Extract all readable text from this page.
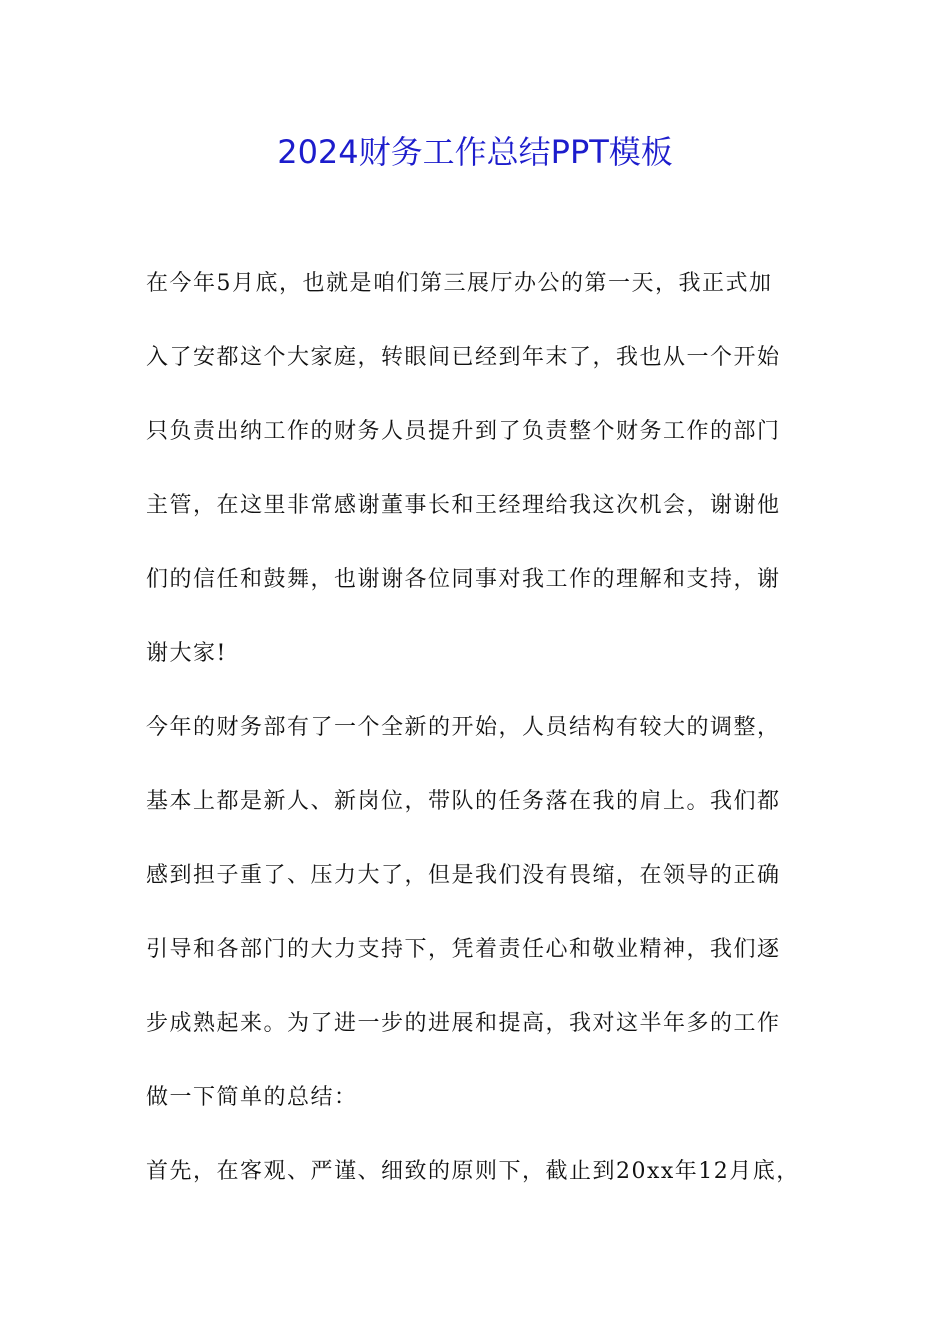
2024财务工作总结PPT模板
在今年5月底，也就是咱们第三展厅办公的第一天，我正式加
入了安都这个大家庭，转眼间已经到年末了，我也从一个开始
只负责出纳工作的财务人员提升到了负责整个财务工作的部门
主管，在这里非常感谢董事长和王经理给我这次机会，谢谢他
们的信任和鼓舞，也谢谢各位同事对我工作的理解和支持，谢
谢大家!
今年的财务部有了一个全新的开始，人员结构有较大的调整，
基本上都是新人、新岗位，带队的任务落在我的肩上。我们都
感到担子重了、压力大了，但是我们没有畏缩，在领导的正确
引导和各部门的大力支持下，凭着责任心和敬业精神，我们逐
步成熟起来。为了进一步的进展和提高，我对这半年多的工作
做一下简单的总结：
首先，在客观、严谨、细致的原则下，截止到20xx年12月底，
